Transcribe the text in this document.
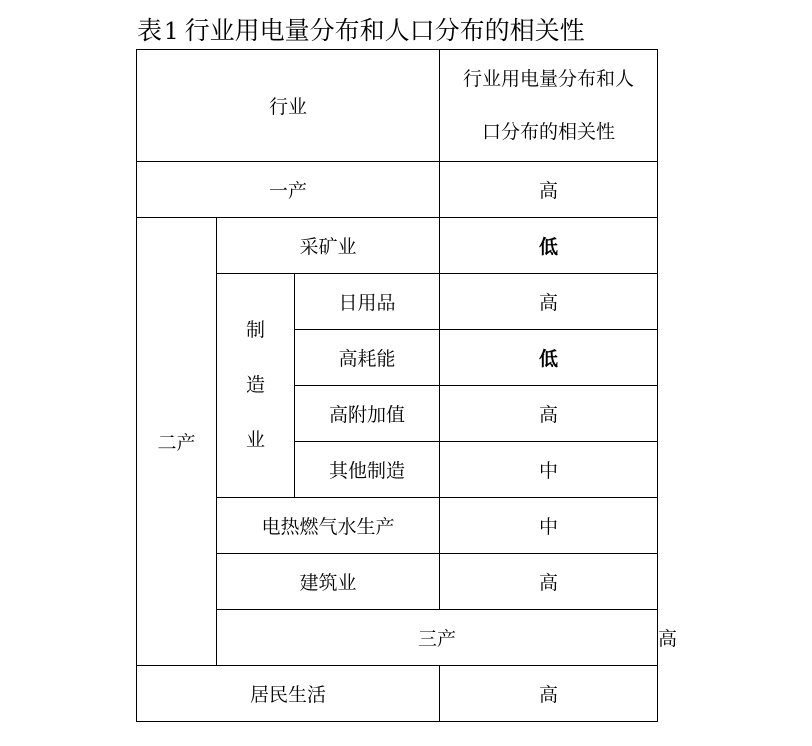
表1 行业用电量分布和人口分布的相关性
行业			行业用电量分布和人
口分布的相关性	

一产			高	
二产	采矿业		低	

	制
造
业	日用品	高	
		高耗能	低	
		高附加值	高	
		其他制造	中	
	电热燃气水生产		中	
	建筑业		高	
	三产			高
居民生活			高	
